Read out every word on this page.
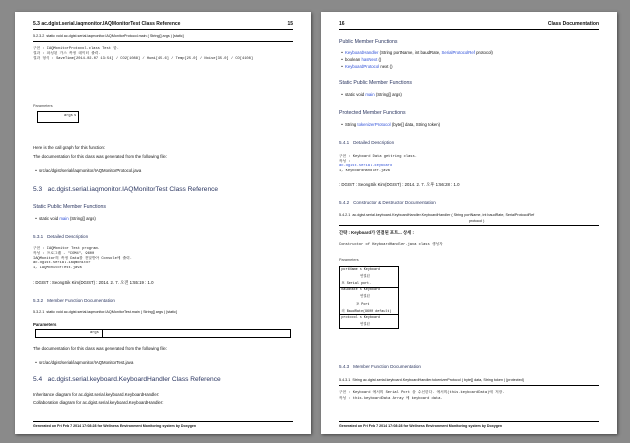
5.3 ac.dgist.serial.iaqmonitor.IAQMonitorTest Class Reference	15
5.2.3.2 static void ac.dgist.serial.iaqmonitor.IAQMonitorProtocol.main ( String[] args ) [static]
구현 : IAQMonitorProtocol.class Test 함.
결과 : 파싱된 가스 측정 데이터 출력.
결과 형식 : SaveTime[2014-02-07 13:54] / CO2[1088] / Humi[45.6] / Temp[25.0] / Noise[35.0] / CO[4108]
Parameters
args s
Here is the call graph for this function:
The documentation for this class was generated from the following file:
• src/ac/dgist/serial/iaqmonitor/IAQMonitorProtocol.java
5.3 ac.dgist.serial.iaqmonitor.IAQMonitorTest Class Reference
Static Public Member Functions
• static void main (String[] args)
5.3.1 Detailed Description
구현 : IAQMonitor Test program.
작성 : 프로그램 - "COM4", 9600
IAQMonitor의 측정 Data를 전달받아 Console에 출력.
ac.dgist.serial.iaqmonitor
1, IAQMonitorTest.java
: DGIST : SeongSik Kim(DGIST) : 2014. 2. 7. 오전 1:55:19 : 1.0
5.3.2 Member Function Documentation
5.3.2.1 static void ac.dgist.serial.iaqmonitor.IAQMonitorTest.main ( String[] args ) [static]
Parameters
args
The documentation for this class was generated from the following file:
• src/ac/dgist/serial/iaqmonitor/IAQMonitorTest.java
5.4 ac.dgist.serial.keyboard.KeyboardHandler Class Reference
Inheritance diagram for ac.dgist.serial.keyboard.KeyboardHandler:
Collaboration diagram for ac.dgist.serial.keyboard.KeyboardHandler:
Generated on Fri Feb 7 2014 17:08:28 for Wellness Environment Monitoring system by Doxygen
16	Class Documentation
Public Member Functions
• KeyboardHandler (String portName, int baudRate, SerialProtocolRef protocol)
• boolean hasNext ()
• KeyboardProtocol next ()
Static Public Member Functions
• static void main (String[] args)
Protected Member Functions
• String tokenizerProtocol (byte[] data, String token)
5.4.1 Detailed Description
구현 : Keyboard Data gettring class.
작성 :
ac.dgist.serial.keyboard
1, KeyboardHandler.java
: DGIST : SeongSik Kim(DGIST) : 2014. 2. 7. 오후 1:56:28 : 1.0
5.4.2 Constructor & Destructor Documentation
5.4.2.1 ac.dgist.serial.keyboard.KeyboardHandler.KeyboardHandler ( String portName, int baudRate, SerialProtocolRef
protocol )
간략 : Keyboard가 연결된 포트... 상세 :
Constructor of KeyboardHandler.java class 생성자
Parameters
portName s Keyboard
연결된
포 Serial port.
baudRate s Keyboard
연결된
포 Port
의 BaudRate(9600 default)
protocol s Keyboard
연결된
5.4.3 Member Function Documentation
5.4.3.1 String ac.dgist.serial.keyboard.KeyboardHandler.tokenizerProtocol ( byte[] data, String token ) [protected]
구현 : Keyboard 에서의 Serial Port 을 수신한다. 에서의(this.keyboardData)에 저장.
작성 : this.keyboardData Array 에 keyboard data.
Generated on Fri Feb 7 2014 17:08:28 for Wellness Environment Monitoring system by Doxygen
